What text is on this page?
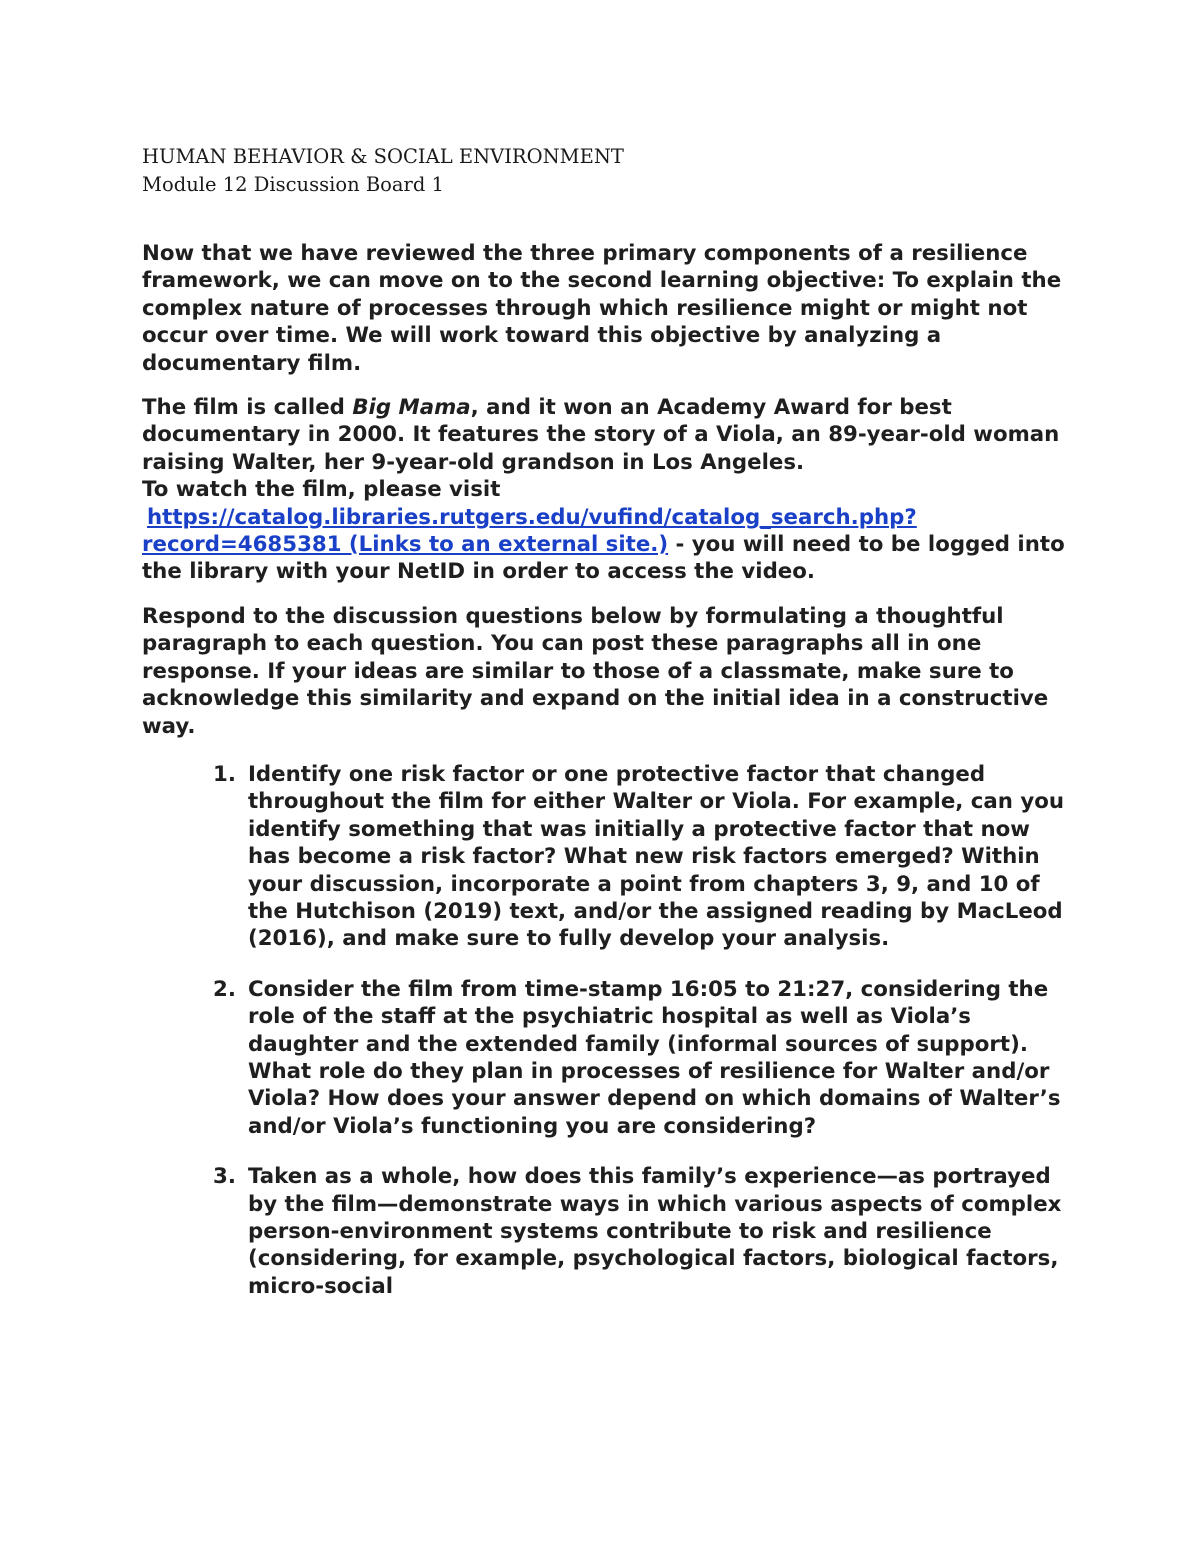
HUMAN BEHAVIOR & SOCIAL ENVIRONMENT
Module 12 Discussion Board 1

Now that we have reviewed the three primary components of a resilience framework, we can move on to the second learning objective: To explain the complex nature of processes through which resilience might or might not occur over time. We will work toward this objective by analyzing a documentary film.

The film is called Big Mama, and it won an Academy Award for best documentary in 2000. It features the story of a Viola, an 89-year-old woman raising Walter, her 9-year-old grandson in Los Angeles.
To watch the film, please visit
https://catalog.libraries.rutgers.edu/vufind/catalog_search.php?
record=4685381 (Links to an external site.) - you will need to be logged into the library with your NetID in order to access the video.

Respond to the discussion questions below by formulating a thoughtful paragraph to each question. You can post these paragraphs all in one response. If your ideas are similar to those of a classmate, make sure to acknowledge this similarity and expand on the initial idea in a constructive way.

1. Identify one risk factor or one protective factor that changed throughout the film for either Walter or Viola. For example, can you identify something that was initially a protective factor that now has become a risk factor? What new risk factors emerged? Within your discussion, incorporate a point from chapters 3, 9, and 10 of the Hutchison (2019) text, and/or the assigned reading by MacLeod (2016), and make sure to fully develop your analysis.
2. Consider the film from time-stamp 16:05 to 21:27, considering the role of the staff at the psychiatric hospital as well as Viola’s daughter and the extended family (informal sources of support). What role do they plan in processes of resilience for Walter and/or Viola? How does your answer depend on which domains of Walter’s and/or Viola’s functioning you are considering?
3. Taken as a whole, how does this family’s experience—as portrayed by the film—demonstrate ways in which various aspects of complex person-environment systems contribute to risk and resilience (considering, for example, psychological factors, biological factors, micro-social
